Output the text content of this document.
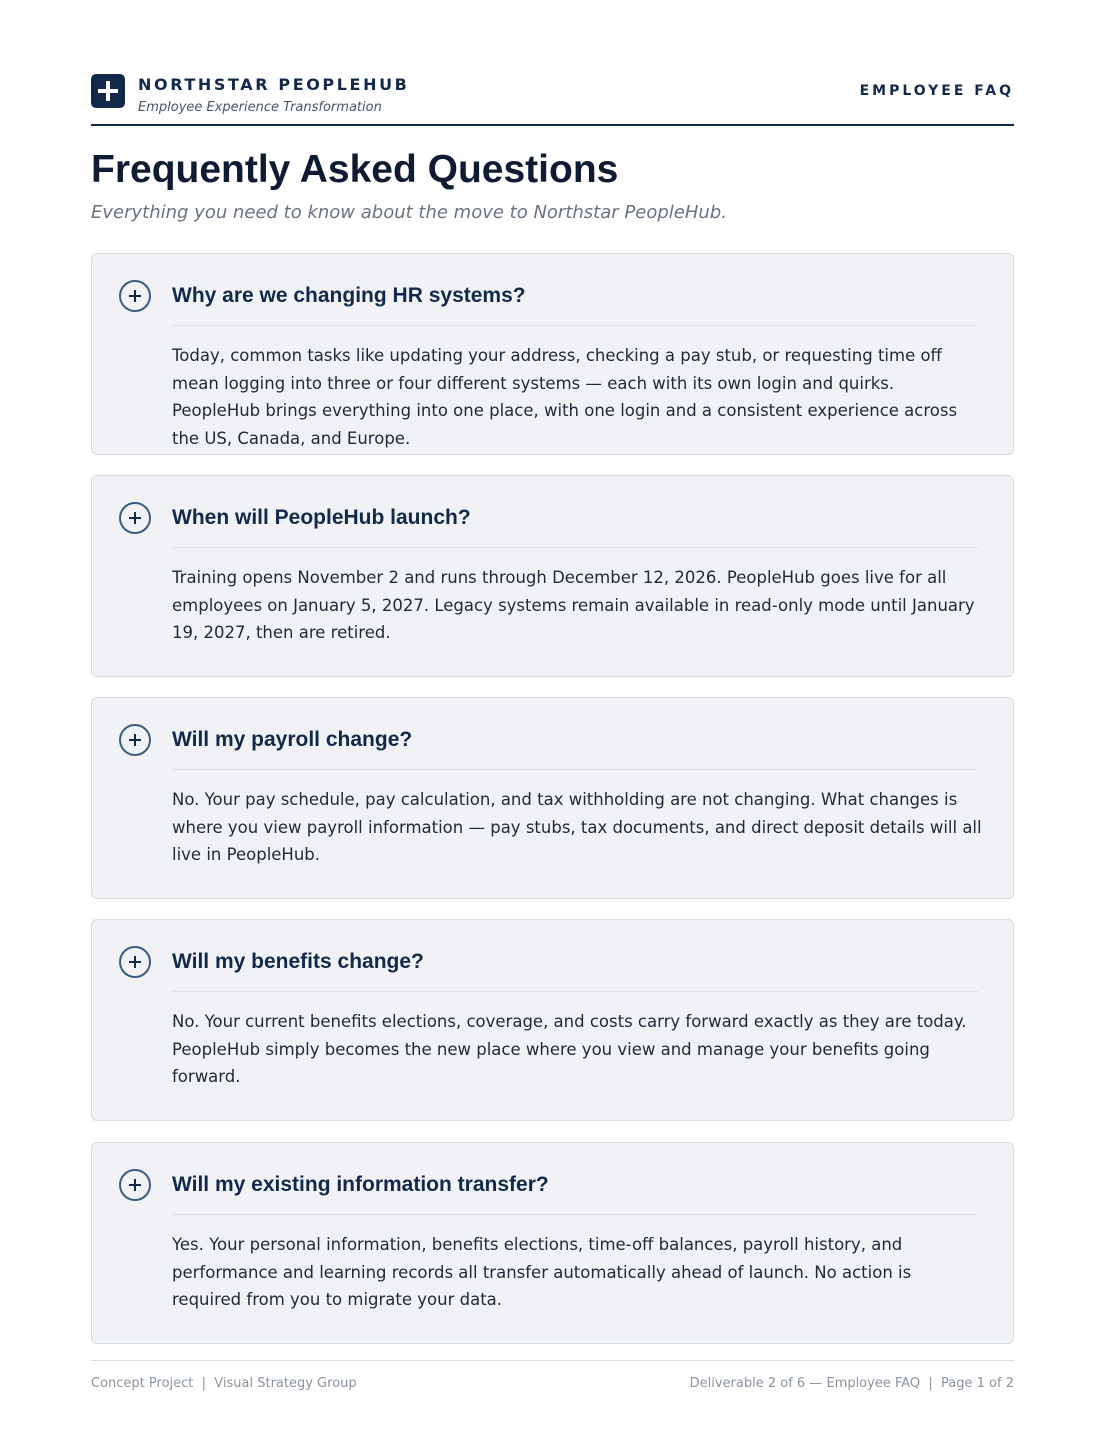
NORTHSTAR PEOPLEHUB
Employee Experience Transformation
EMPLOYEE FAQ
Frequently Asked Questions
Everything you need to know about the move to Northstar PeopleHub.
Why are we changing HR systems?
Today, common tasks like updating your address, checking a pay stub, or requesting time off mean logging into three or four different systems — each with its own login and quirks. PeopleHub brings everything into one place, with one login and a consistent experience across the US, Canada, and Europe.
When will PeopleHub launch?
Training opens November 2 and runs through December 12, 2026. PeopleHub goes live for all employees on January 5, 2027. Legacy systems remain available in read-only mode until January 19, 2027, then are retired.
Will my payroll change?
No. Your pay schedule, pay calculation, and tax withholding are not changing. What changes is where you view payroll information — pay stubs, tax documents, and direct deposit details will all live in PeopleHub.
Will my benefits change?
No. Your current benefits elections, coverage, and costs carry forward exactly as they are today. PeopleHub simply becomes the new place where you view and manage your benefits going forward.
Will my existing information transfer?
Yes. Your personal information, benefits elections, time-off balances, payroll history, and performance and learning records all transfer automatically ahead of launch. No action is required from you to migrate your data.
Concept Project  |  Visual Strategy Group	Deliverable 2 of 6 — Employee FAQ  |  Page 1 of 2
